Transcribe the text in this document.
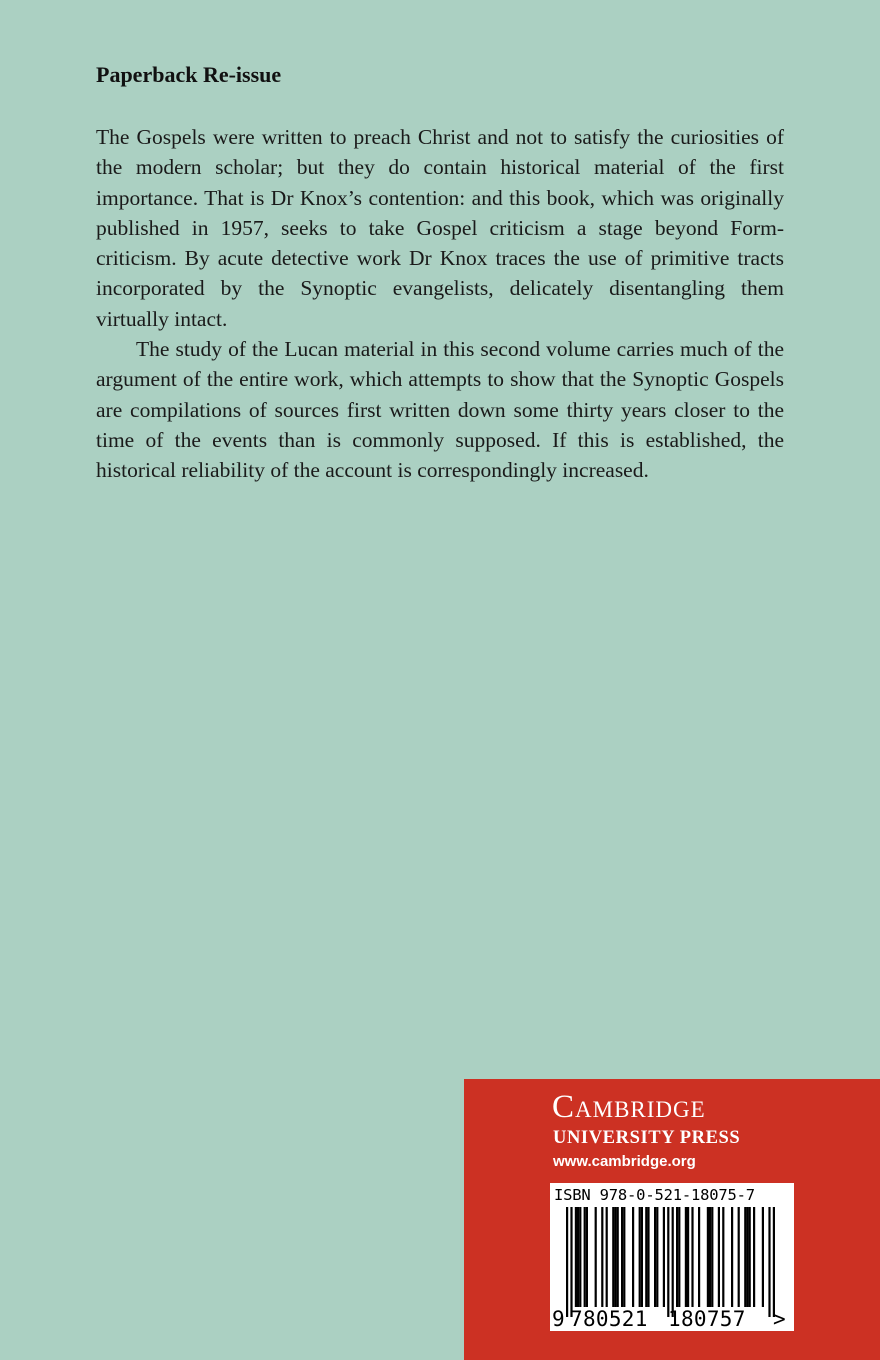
Paperback Re-issue

The Gospels were written to preach Christ and not to satisfy the curiosities of the modern scholar; but they do contain historical material of the first importance. That is Dr Knox’s contention: and this book, which was originally published in 1957, seeks to take Gospel criticism a stage beyond Form-criticism. By acute detective work Dr Knox traces the use of primitive tracts incorporated by the Synoptic evangelists, delicately disentangling them virtually intact.

The study of the Lucan material in this second volume carries much of the argument of the entire work, which attempts to show that the Synoptic Gospels are compilations of sources first written down some thirty years closer to the time of the events than is commonly supposed. If this is established, the historical reliability of the account is correspondingly increased.

Cambridge
UNIVERSITY PRESS
www.cambridge.org
ISBN 978-0-521-18075-7
9 780521 180757 >
